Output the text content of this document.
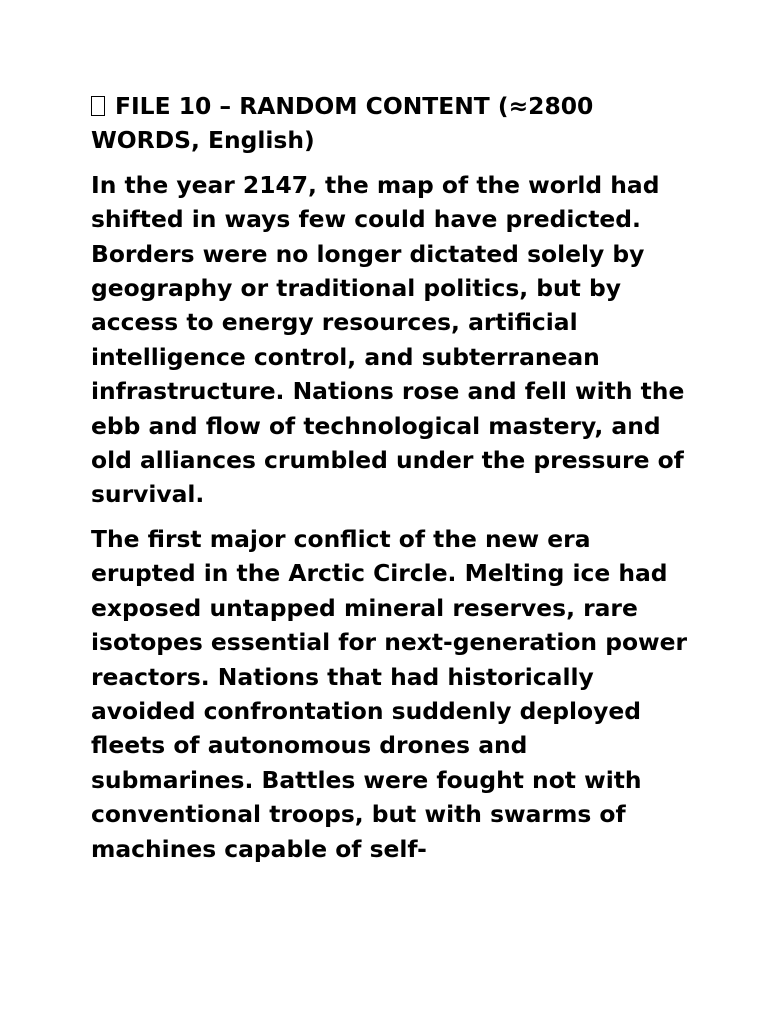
FILE 10 – RANDOM CONTENT (≈2800 WORDS, English)

In the year 2147, the map of the world had shifted in ways few could have predicted. Borders were no longer dictated solely by geography or traditional politics, but by access to energy resources, artificial intelligence control, and subterranean infrastructure. Nations rose and fell with the ebb and flow of technological mastery, and old alliances crumbled under the pressure of survival.

The first major conflict of the new era erupted in the Arctic Circle. Melting ice had exposed untapped mineral reserves, rare isotopes essential for next-generation power reactors. Nations that had historically avoided confrontation suddenly deployed fleets of autonomous drones and submarines. Battles were fought not with conventional troops, but with swarms of machines capable of self-
